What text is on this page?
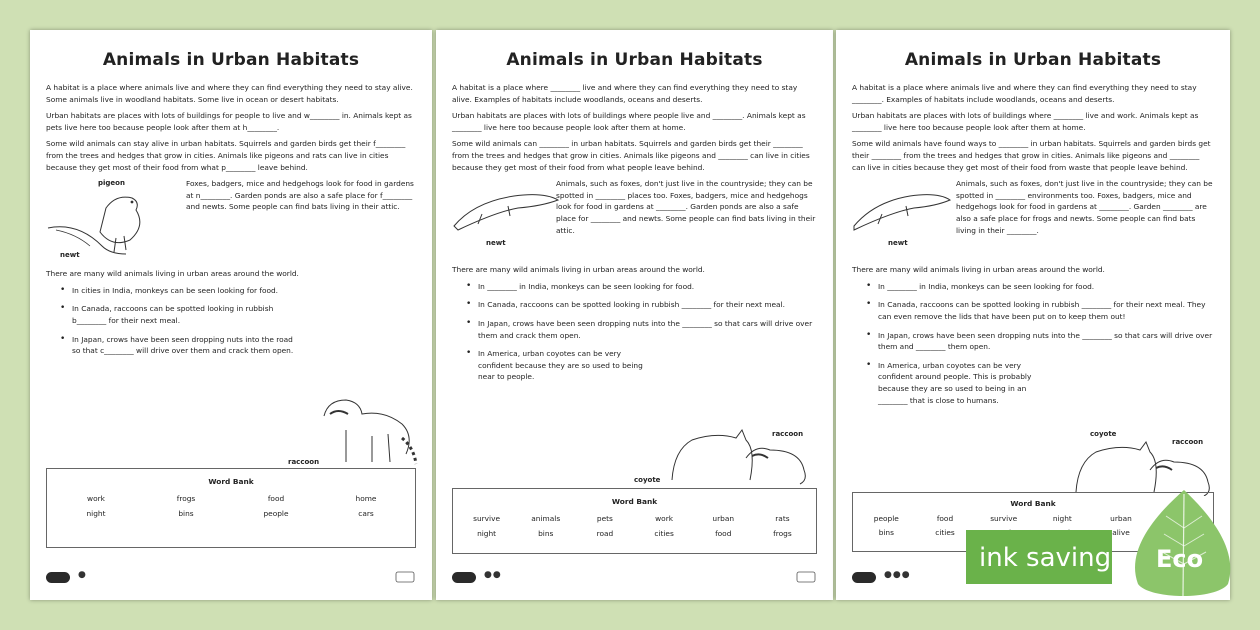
Animals in Urban Habitats

A habitat is a place where animals live and where they can find everything they need to stay alive. Some animals live in woodland habitats. Some live in ocean or desert habitats.

Urban habitats are places with lots of buildings for people to live and w________ in. Animals kept as pets live here too because people look after them at h________.

Some wild animals can stay alive in urban habitats. Squirrels and garden birds get their f________ from the trees and hedges that grow in cities. Animals like pigeons and rats can live in cities because they get most of their food from what p________ leave behind.

pigeon
newt
Foxes, badgers, mice and hedgehogs look for food in gardens at n________. Garden ponds are also a safe place for f________ and newts. Some people can find bats living in their attic.

There are many wild animals living in urban areas around the world.

• In cities in India, monkeys can be seen looking for food.
• In Canada, raccoons can be spotted looking in rubbish b________ for their next meal.
• In Japan, crows have been seen dropping nuts into the road so that c________ will drive over them and crack them open.
raccoon
Word Bank
work	frogs	food	home
night	bins	people	cars
●
Animals in Urban Habitats

A habitat is a place where ________ live and where they can find everything they need to stay alive. Examples of habitats include woodlands, oceans and deserts.

Urban habitats are places with lots of buildings where people live and ________. Animals kept as ________ live here too because people look after them at home.

Some wild animals can ________ in urban habitats. Squirrels and garden birds get their ________ from the trees and hedges that grow in cities. Animals like pigeons and ________ can live in cities because they get most of their food from what people leave behind.

newt
Animals, such as foxes, don't just live in the countryside; they can be spotted in ________ places too. Foxes, badgers, mice and hedgehogs look for food in gardens at ________. Garden ponds are also a safe place for ________ and newts. Some people can find bats living in their attic.

There are many wild animals living in urban areas around the world.

• In ________ in India, monkeys can be seen looking for food.
• In Canada, raccoons can be spotted looking in rubbish ________ for their next meal.
• In Japan, crows have been seen dropping nuts into the ________ so that cars will drive over them and crack them open.
• In America, urban coyotes can be very confident because they are so used to being near to people.
coyote
raccoon
Word Bank
survive	animals	pets	work	urban	rats
night	bins	road	cities	food	frogs
●●
Animals in Urban Habitats

A habitat is a place where animals live and where they can find everything they need to stay ________. Examples of habitats include woodlands, oceans and deserts.

Urban habitats are places with lots of buildings where ________ live and work. Animals kept as ________ live here too because people look after them at home.

Some wild animals have found ways to ________ in urban habitats. Squirrels and garden birds get their ________ from the trees and hedges that grow in cities. Animals like pigeons and ________ can live in cities because they get most of their food from waste that people leave behind.

newt
Animals, such as foxes, don't just live in the countryside; they can be spotted in ________ environments too. Foxes, badgers, mice and hedgehogs look for food in gardens at ________. Garden ________ are also a safe place for frogs and newts. Some people can find bats living in their ________.

There are many wild animals living in urban areas around the world.

• In ________ in India, monkeys can be seen looking for food.
• In Canada, raccoons can be spotted looking in rubbish ________ for their next meal. They can even remove the lids that have been put on to keep them out!
• In Japan, crows have been seen dropping nuts into the ________ so that cars will drive over them and ________ them open.
• In America, urban coyotes can be very confident around people. This is probably because they are so used to being in an ________ that is close to humans.
coyote
raccoon
Word Bank
people	food	survive	night	urban
bins	cities	alive
●●●
ink saving Eco
